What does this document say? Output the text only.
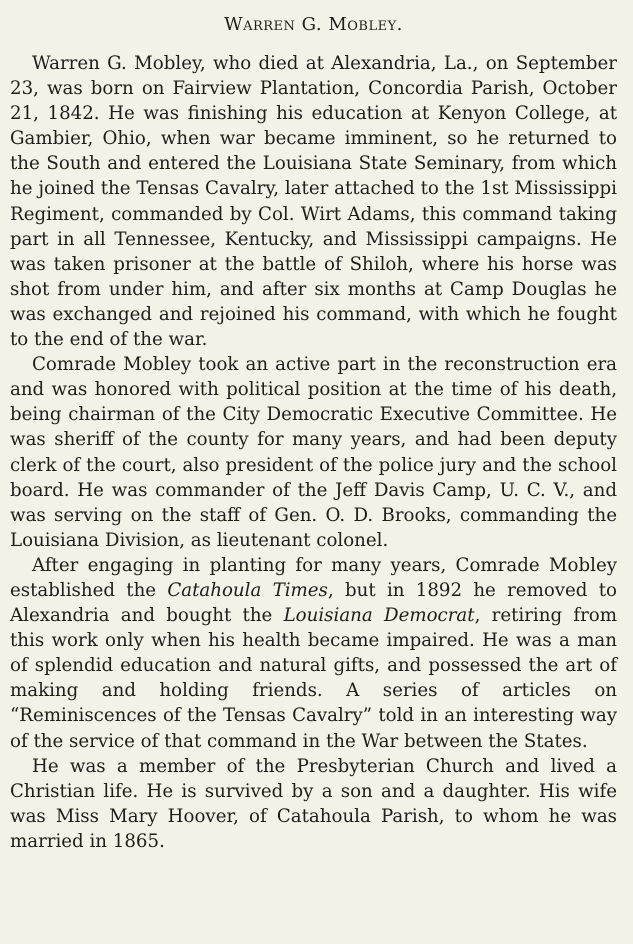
Warren G. Mobley.

Warren G. Mobley, who died at Alexandria, La., on September 23, was born on Fairview Plantation, Concordia Parish, October 21, 1842. He was finishing his education at Kenyon College, at Gambier, Ohio, when war became imminent, so he returned to the South and entered the Louisiana State Seminary, from which he joined the Tensas Cavalry, later attached to the 1st Mississippi Regiment, commanded by Col. Wirt Adams, this command taking part in all Tennessee, Kentucky, and Mississippi campaigns. He was taken prisoner at the battle of Shiloh, where his horse was shot from under him, and after six months at Camp Douglas he was exchanged and rejoined his command, with which he fought to the end of the war.

Comrade Mobley took an active part in the reconstruction era and was honored with political position at the time of his death, being chairman of the City Democratic Executive Committee. He was sheriff of the county for many years, and had been deputy clerk of the court, also president of the police jury and the school board. He was commander of the Jeff Davis Camp, U. C. V., and was serving on the staff of Gen. O. D. Brooks, commanding the Louisiana Division, as lieutenant colonel.

After engaging in planting for many years, Comrade Mobley established the Catahoula Times, but in 1892 he removed to Alexandria and bought the Louisiana Democrat, retiring from this work only when his health became impaired. He was a man of splendid education and natural gifts, and possessed the art of making and holding friends. A series of articles on “Reminiscences of the Tensas Cavalry” told in an interesting way of the service of that command in the War between the States.

He was a member of the Presbyterian Church and lived a Christian life. He is survived by a son and a daughter. His wife was Miss Mary Hoover, of Catahoula Parish, to whom he was married in 1865.
